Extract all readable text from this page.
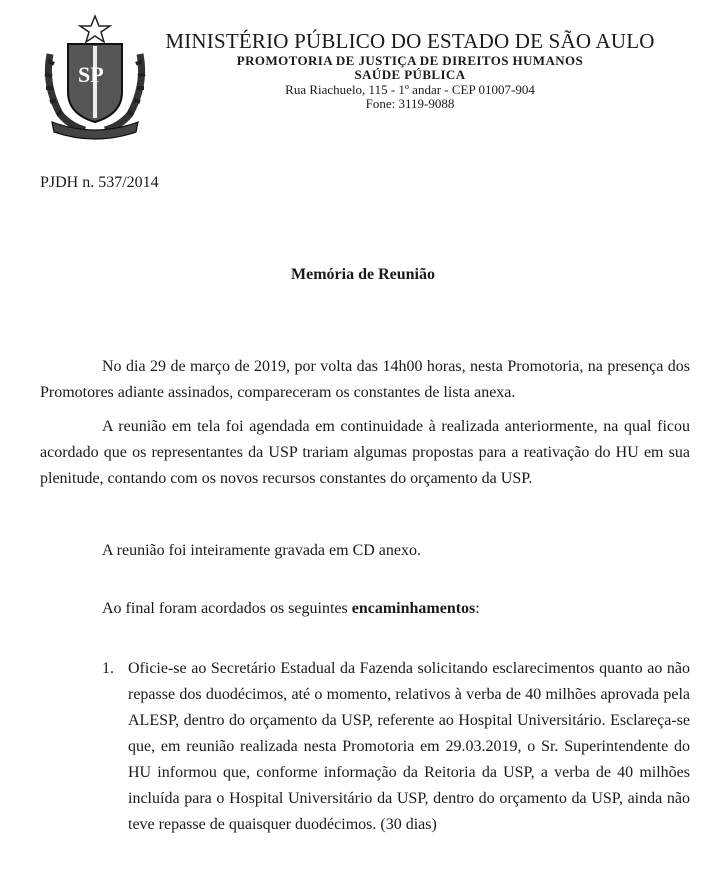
SP
MINISTÉRIO PÚBLICO DO ESTADO DE SÃO AULO
PROMOTORIA DE JUSTIÇA DE DIREITOS HUMANOS
SAÚDE PÚBLICA
Rua Riachuelo, 115 - 1º andar - CEP 01007-904
Fone: 3119-9088
PJDH n. 537/2014
Memória de Reunião
No dia 29 de março de 2019, por volta das 14h00 horas, nesta Promotoria, na presença dos Promotores adiante assinados, compareceram os constantes de lista anexa.
A reunião em tela foi agendada em continuidade à realizada anteriormente, na qual ficou acordado que os representantes da USP trariam algumas propostas para a reativação do HU em sua plenitude, contando com os novos recursos constantes do orçamento da USP.
A reunião foi inteiramente gravada em CD anexo.
Ao final foram acordados os seguintes encaminhamentos:
1. Oficie-se ao Secretário Estadual da Fazenda solicitando esclarecimentos quanto ao não repasse dos duodécimos, até o momento, relativos à verba de 40 milhões aprovada pela ALESP, dentro do orçamento da USP, referente ao Hospital Universitário. Esclareça-se que, em reunião realizada nesta Promotoria em 29.03.2019, o Sr. Superintendente do HU informou que, conforme informação da Reitoria da USP, a verba de 40 milhões incluída para o Hospital Universitário da USP, dentro do orçamento da USP, ainda não teve repasse de quaisquer duodécimos. (30 dias)
